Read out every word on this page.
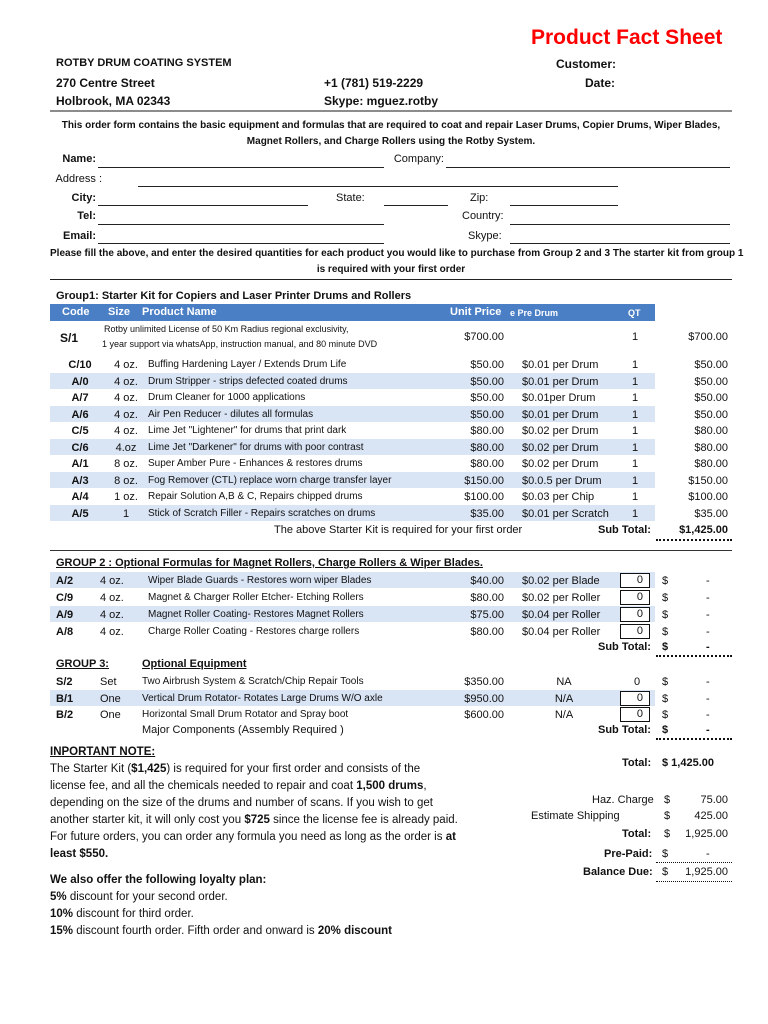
Product Fact Sheet
ROTBY DRUM COATING SYSTEM
270 Centre Street
Holbrook, MA 02343
+1 (781) 519-2229
Skype: mguez.rotby
Customer:
Date:
This order form contains the basic equipment and formulas that are required to coat and repair Laser Drums, Copier Drums, Wiper Blades,
Magnet Rollers, and Charge Rollers using the Rotby System.
Name:	Company:
Address :
City:	State:	Zip:
Tel:	Country:
Email:	Skype:
Please fill the above, and enter the desired quantities for each product you would like to purchase from Group 2 and 3 The starter kit from group 1
is required with your first order
Group1: Starter Kit for Copiers and Laser Printer Drums and Rollers
Code Size Product Name	Unit Price e Pre Drum	QT
S/1
Rotby unlimited License of 50 Km Radius regional exclusivity,
1 year support via whatsApp, instruction manual, and 80 minute DVD
$700.00	1	$700.00
C/10	4 oz.	Buffing Hardening Layer / Extends Drum Life	$50.00 $0.01 per Drum	1	$50.00
A/0	4 oz.	Drum Stripper - strips defected coated drums	$50.00 $0.01 per Drum	1	$50.00
A/7	4 oz.	Drum Cleaner for 1000 applications	$50.00 $0.01per Drum	1	$50.00
A/6	4 oz.	Air Pen Reducer - dilutes all formulas	$50.00 $0.01 per Drum	1	$50.00
C/5	4 oz.	Lime Jet "Lightener" for drums that print dark	$80.00 $0.02 per Drum	1	$80.00
C/6	4.oz	Lime Jet "Darkener" for drums with poor contrast	$80.00 $0.02 per Drum	1	$80.00
A/1	8 oz.	Super Amber Pure - Enhances & restores drums	$80.00 $0.02 per Drum	1	$80.00
A/3	8 oz.	Fog Remover (CTL) replace worn charge transfer layer	$150.00 $0.0.5 per Drum	1	$150.00
A/4	1 oz.	Repair Solution A,B & C, Repairs chipped drums	$100.00 $0.03 per Chip	1	$100.00
A/5	1	Stick of Scratch Filler - Repairs scratches on drums	$35.00 $0.01 per Scratch 1	$35.00
The above Starter Kit is required for your first order	Sub Total:	$1,425.00
GROUP 2 : Optional Formulas for Magnet Rollers, Charge Rollers & Wiper Blades.
A/2 4 oz. Wiper Blade Guards - Restores worn wiper Blades	$40.00 $0.02 per Blade	0	$	-
C/9 4 oz. Magnet & Charger Roller Etcher- Etching Rollers	$80.00 $0.02 per Roller	0	$	-
A/9 4 oz. Magnet Roller Coating- Restores Magnet Rollers	$75.00 $0.04 per Roller	0	$	-
A/8 4 oz. Charge Roller Coating - Restores charge rollers	$80.00 $0.04 per Roller	0	$	-
Sub Total: $	-
GROUP 3:	Optional Equipment
S/2 Set	Two Airbrush System & Scratch/Chip Repair Tools	$350.00	NA	0 $	-
B/1 One Vertical Drum Rotator- Rotates Large Drums W/O axle	$950.00	N/A	0	$	-
B/2 One Horizontal Small Drum Rotator and Spray boot	$600.00	N/A	0	$	-
Major Components (Assembly Required )	Sub Total: $	-

INPORTANT NOTE:

The Starter Kit ($1,425) is required for your first order and consists of the

license fee, and all the chemicals needed to repair and coat 1,500 drums,

depending on the size of the drums and number of scans. If you wish to get

another starter kit, it will only cost you $725 since the license fee is already paid.

For future orders, you can order any formula you need as long as the order is at

least $550.

We also offer the following loyalty plan:

5% discount for your second order.

10% discount for third order.

15% discount fourth order. Fifth order and onward is 20% discount

Total: $ 1,425.00
Haz. Charge $	75.00
Estimate Shipping	$	425.00
Total: $	1,925.00
Pre-Paid: $	-
Balance Due: $	1,925.00
